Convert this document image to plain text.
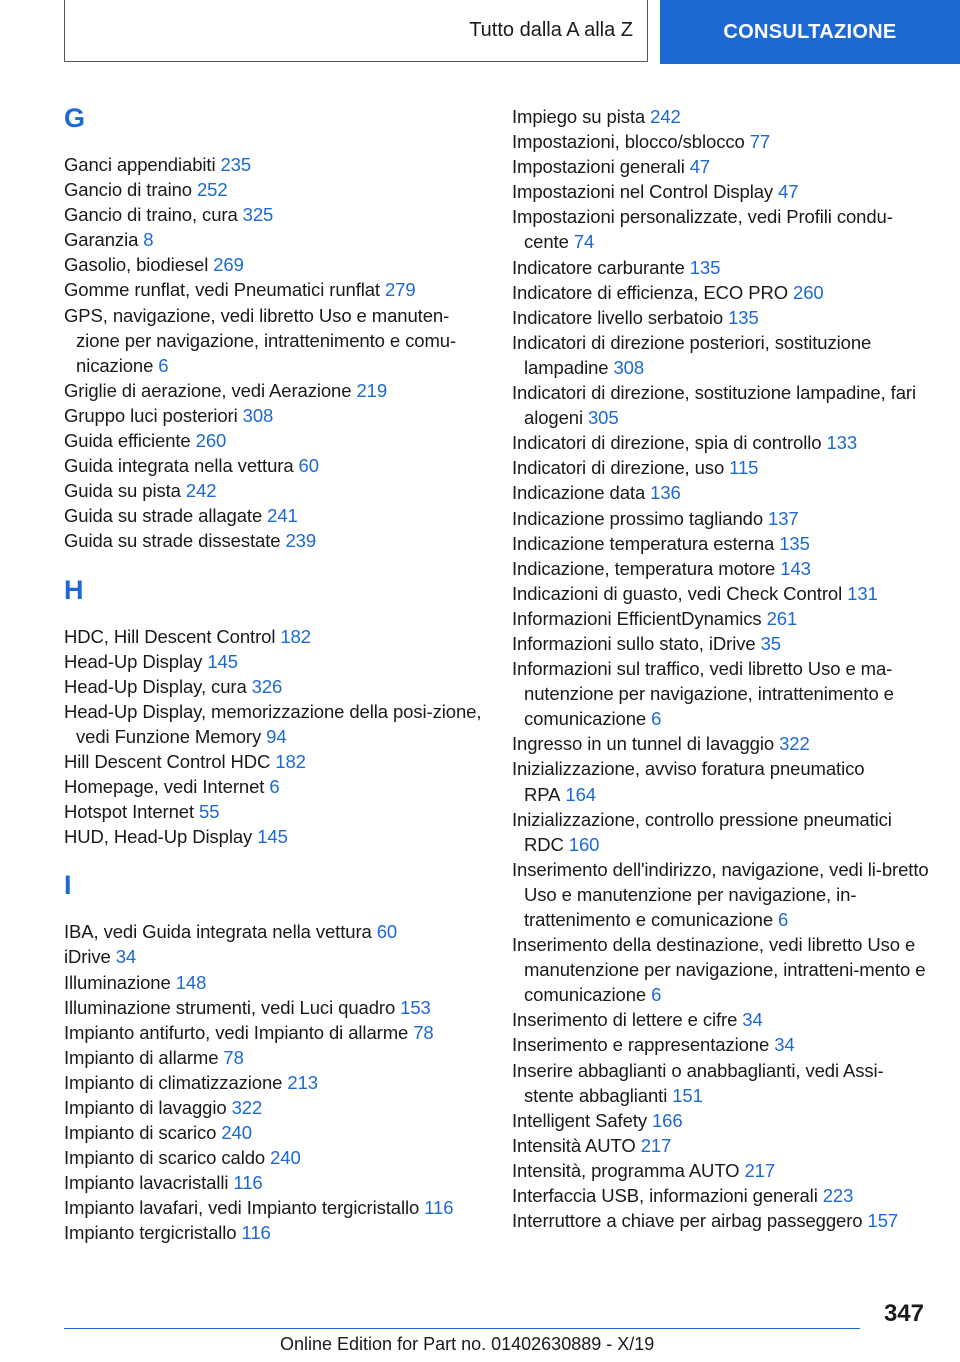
Tutto dalla A alla Z	CONSULTAZIONE
G
Ganci appendiabiti 235
Gancio di traino 252
Gancio di traino, cura 325
Garanzia 8
Gasolio, biodiesel 269
Gomme runflat, vedi Pneumatici runflat 279
GPS, navigazione, vedi libretto Uso e manuten-zione per navigazione, intrattenimento e comu-nicazione 6
Griglie di aerazione, vedi Aerazione 219
Gruppo luci posteriori 308
Guida efficiente 260
Guida integrata nella vettura 60
Guida su pista 242
Guida su strade allagate 241
Guida su strade dissestate 239
H
HDC, Hill Descent Control 182
Head-Up Display 145
Head-Up Display, cura 326
Head-Up Display, memorizzazione della posi-zione, vedi Funzione Memory 94
Hill Descent Control HDC 182
Homepage, vedi Internet 6
Hotspot Internet 55
HUD, Head-Up Display 145
I
IBA, vedi Guida integrata nella vettura 60
iDrive 34
Illuminazione 148
Illuminazione strumenti, vedi Luci quadro 153
Impianto antifurto, vedi Impianto di allarme 78
Impianto di allarme 78
Impianto di climatizzazione 213
Impianto di lavaggio 322
Impianto di scarico 240
Impianto di scarico caldo 240
Impianto lavacristalli 116
Impianto lavafari, vedi Impianto tergicristallo 116
Impianto tergicristallo 116
Impiego su pista 242
Impostazioni, blocco/sblocco 77
Impostazioni generali 47
Impostazioni nel Control Display 47
Impostazioni personalizzate, vedi Profili condu-cente 74
Indicatore carburante 135
Indicatore di efficienza, ECO PRO 260
Indicatore livello serbatoio 135
Indicatori di direzione posteriori, sostituzione lampadine 308
Indicatori di direzione, sostituzione lampadine, fari alogeni 305
Indicatori di direzione, spia di controllo 133
Indicatori di direzione, uso 115
Indicazione data 136
Indicazione prossimo tagliando 137
Indicazione temperatura esterna 135
Indicazione, temperatura motore 143
Indicazioni di guasto, vedi Check Control 131
Informazioni EfficientDynamics 261
Informazioni sullo stato, iDrive 35
Informazioni sul traffico, vedi libretto Uso e ma-nutenzione per navigazione, intrattenimento e comunicazione 6
Ingresso in un tunnel di lavaggio 322
Inizializzazione, avviso foratura pneumatico RPA 164
Inizializzazione, controllo pressione pneumatici RDC 160
Inserimento dell'indirizzo, navigazione, vedi li-bretto Uso e manutenzione per navigazione, in-trattenimento e comunicazione 6
Inserimento della destinazione, vedi libretto Uso e manutenzione per navigazione, intratteni-mento e comunicazione 6
Inserimento di lettere e cifre 34
Inserimento e rappresentazione 34
Inserire abbaglianti o anabbaglianti, vedi Assi-stente abbaglianti 151
Intelligent Safety 166
Intensità AUTO 217
Intensità, programma AUTO 217
Interfaccia USB, informazioni generali 223
Interruttore a chiave per airbag passeggero 157
347
Online Edition for Part no. 01402630889 - X/19
